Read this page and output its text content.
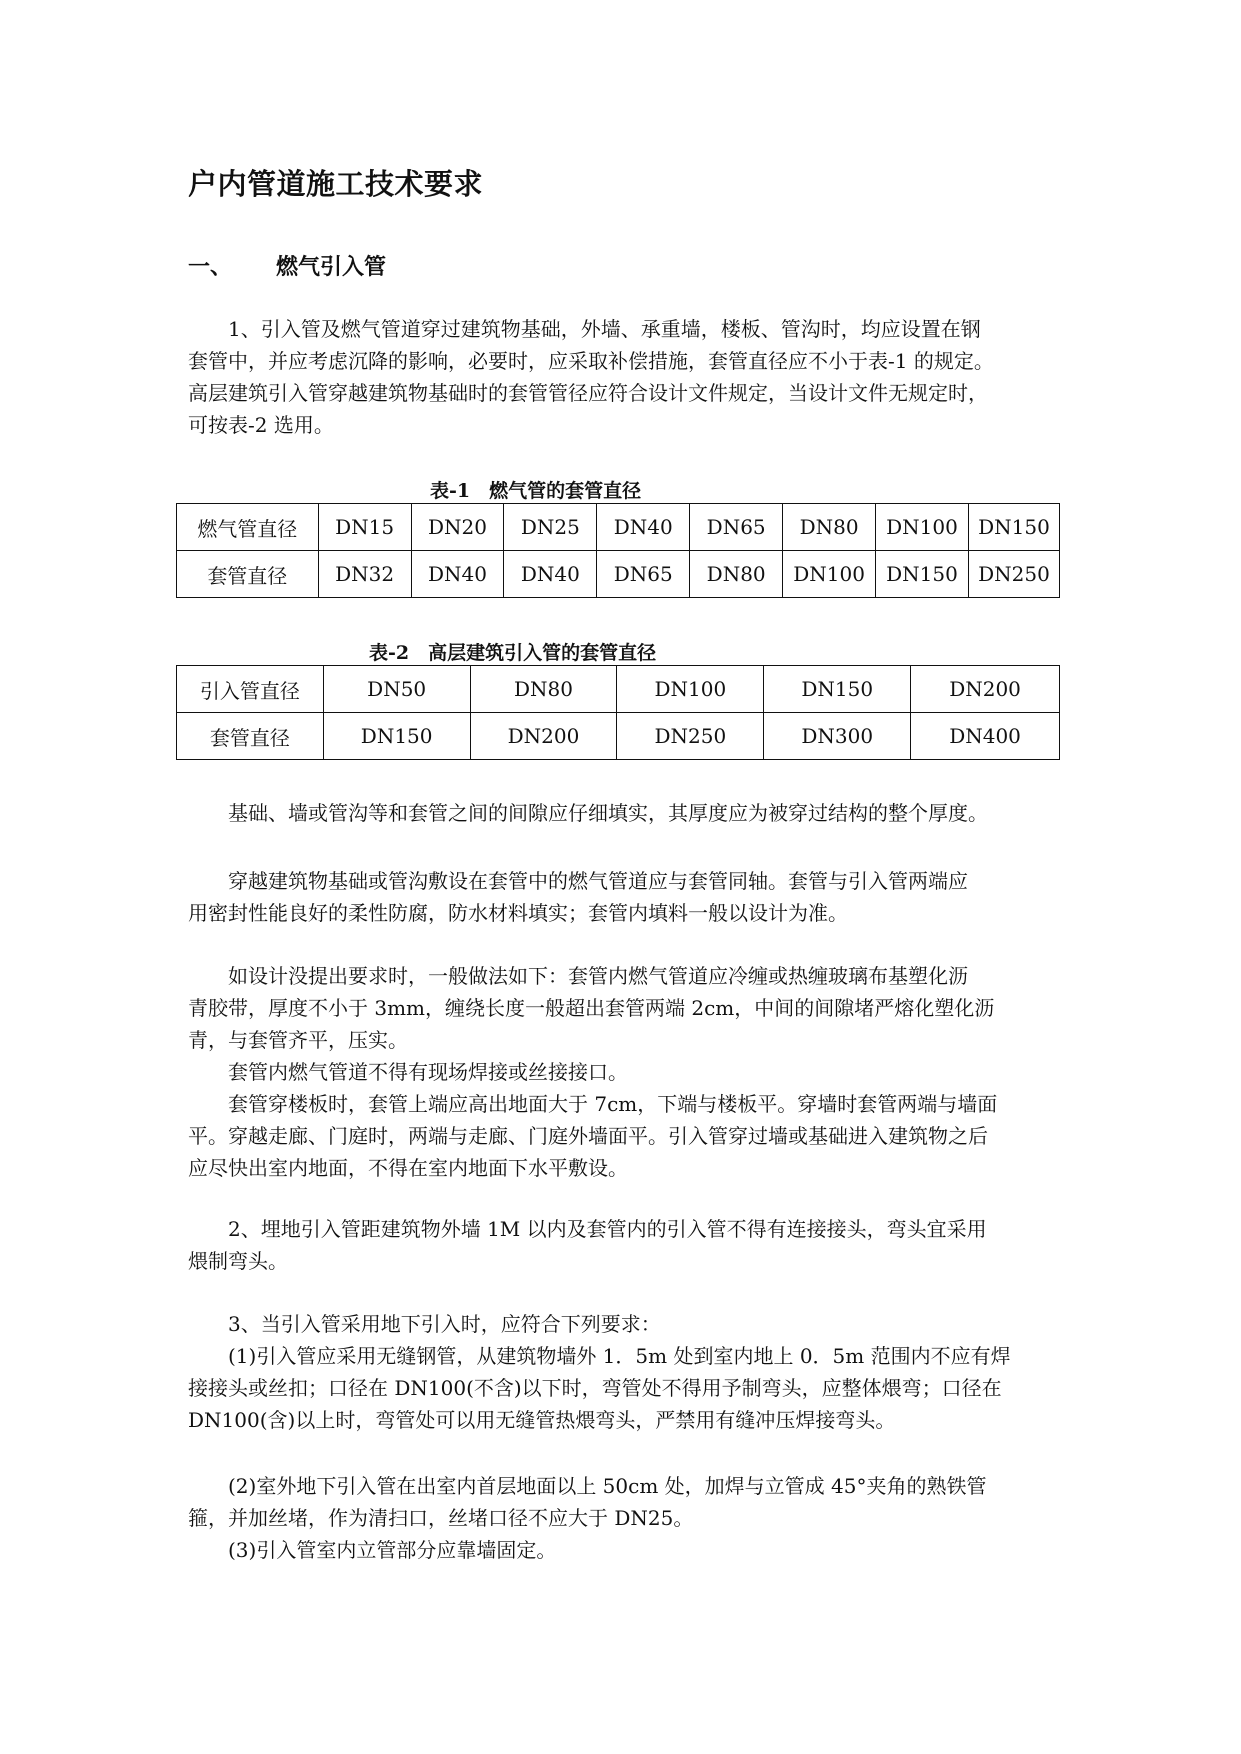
户内管道施工技术要求
一、 燃气引入管
1、引入管及燃气管道穿过建筑物基础，外墙、承重墙，楼板、管沟时，均应设置在钢
套管中，并应考虑沉降的影响，必要时，应采取补偿措施，套管直径应不小于表-1 的规定。
高层建筑引入管穿越建筑物基础时的套管管径应符合设计文件规定，当设计文件无规定时，
可按表-2 选用。
表-1　燃气管的套管直径
燃气管直径	DN15	DN20	DN25	DN40	DN65	DN80	DN100	DN150
套管直径	DN32	DN40	DN40	DN65	DN80	DN100	DN150	DN250
表-2　高层建筑引入管的套管直径
引入管直径	DN50	DN80	DN100	DN150	DN200
套管直径	DN150	DN200	DN250	DN300	DN400
基础、墙或管沟等和套管之间的间隙应仔细填实，其厚度应为被穿过结构的整个厚度。
穿越建筑物基础或管沟敷设在套管中的燃气管道应与套管同轴。套管与引入管两端应
用密封性能良好的柔性防腐，防水材料填实；套管内填料一般以设计为准。
如设计没提出要求时，一般做法如下：套管内燃气管道应冷缠或热缠玻璃布基塑化沥
青胶带，厚度不小于 3mm，缠绕长度一般超出套管两端 2cm，中间的间隙堵严熔化塑化沥
青，与套管齐平，压实。
套管内燃气管道不得有现场焊接或丝接接口。
套管穿楼板时，套管上端应高出地面大于 7cm，下端与楼板平。穿墙时套管两端与墙面
平。穿越走廊、门庭时，两端与走廊、门庭外墙面平。引入管穿过墙或基础进入建筑物之后
应尽快出室内地面，不得在室内地面下水平敷设。
2、埋地引入管距建筑物外墙 1M 以内及套管内的引入管不得有连接接头，弯头宜采用
煨制弯头。
3、当引入管采用地下引入时，应符合下列要求：
(1)引入管应采用无缝钢管，从建筑物墙外 1．5m 处到室内地上 0．5m 范围内不应有焊
接接头或丝扣；口径在 DN100(不含)以下时，弯管处不得用予制弯头，应整体煨弯；口径在
DN100(含)以上时，弯管处可以用无缝管热煨弯头，严禁用有缝冲压焊接弯头。
(2)室外地下引入管在出室内首层地面以上 50cm 处，加焊与立管成 45°夹角的熟铁管
箍，并加丝堵，作为清扫口，丝堵口径不应大于 DN25。
(3)引入管室内立管部分应靠墙固定。
